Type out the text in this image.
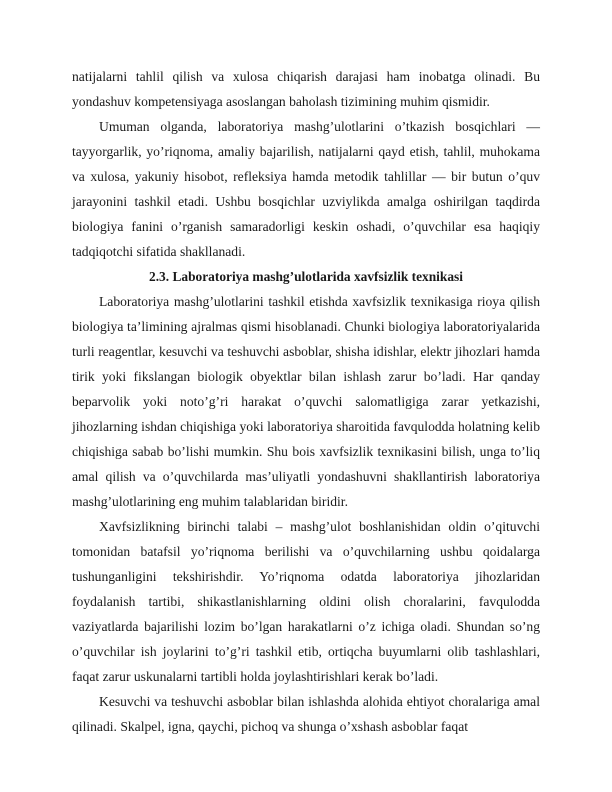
natijalarni tahlil qilish va xulosa chiqarish darajasi ham inobatga olinadi. Bu yondashuv kompetensiyaga asoslangan baholash tizimining muhim qismidir.

Umuman olganda, laboratoriya mashg’ulotlarini o’tkazish bosqichlari — tayyorgarlik, yo’riqnoma, amaliy bajarilish, natijalarni qayd etish, tahlil, muhokama va xulosa, yakuniy hisobot, refleksiya hamda metodik tahlillar — bir butun o’quv jarayonini tashkil etadi. Ushbu bosqichlar uzviylikda amalga oshirilgan taqdirda biologiya fanini o’rganish samaradorligi keskin oshadi, o’quvchilar esa haqiqiy tadqiqotchi sifatida shakllanadi.

2.3. Laboratoriya mashg’ulotlarida xavfsizlik texnikasi

Laboratoriya mashg’ulotlarini tashkil etishda xavfsizlik texnikasiga rioya qilish biologiya ta’limining ajralmas qismi hisoblanadi. Chunki biologiya laboratoriyalarida turli reagentlar, kesuvchi va teshuvchi asboblar, shisha idishlar, elektr jihozlari hamda tirik yoki fikslangan biologik obyektlar bilan ishlash zarur bo’ladi. Har qanday beparvolik yoki noto’g’ri harakat o’quvchi salomatligiga zarar yetkazishi, jihozlarning ishdan chiqishiga yoki laboratoriya sharoitida favqulodda holatning kelib chiqishiga sabab bo’lishi mumkin. Shu bois xavfsizlik texnikasini bilish, unga to’liq amal qilish va o’quvchilarda mas’uliyatli yondashuvni shakllantirish laboratoriya mashg’ulotlarining eng muhim talablaridan biridir.

Xavfsizlikning birinchi talabi – mashg’ulot boshlanishidan oldin o’qituvchi tomonidan batafsil yo’riqnoma berilishi va o’quvchilarning ushbu qoidalarga tushunganligini tekshirishdir. Yo’riqnoma odatda laboratoriya jihozlaridan foydalanish tartibi, shikastlanishlarning oldini olish choralarini, favqulodda vaziyatlarda bajarilishi lozim bo’lgan harakatlarni o’z ichiga oladi. Shundan so’ng o’quvchilar ish joylarini to’g’ri tashkil etib, ortiqcha buyumlarni olib tashlashlari, faqat zarur uskunalarni tartibli holda joylashtirishlari kerak bo’ladi.

Kesuvchi va teshuvchi asboblar bilan ishlashda alohida ehtiyot choralariga amal qilinadi. Skalpel, igna, qaychi, pichoq va shunga o’xshash asboblar faqat
